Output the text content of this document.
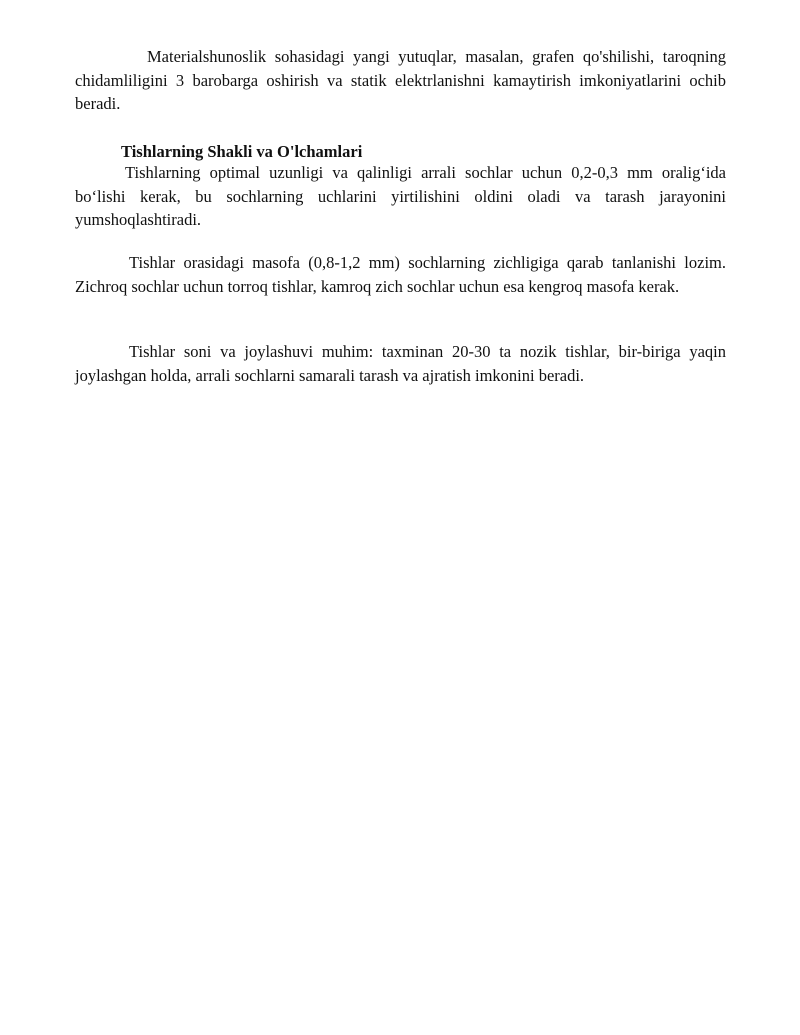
Materialshunoslik sohasidagi yangi yutuqlar, masalan, grafen qo'shilishi, taroqning chidamliligini 3 barobarga oshirish va statik elektrlanishni kamaytirish imkoniyatlarini ochib beradi.

Tishlarning Shakli va O'lchamlari

Tishlarning optimal uzunligi va qalinligi arrali sochlar uchun 0,2-0,3 mm oralig‘ida bo‘lishi kerak, bu sochlarning uchlarini yirtilishini oldini oladi va tarash jarayonini yumshoqlashtiradi.

Tishlar orasidagi masofa (0,8-1,2 mm) sochlarning zichligiga qarab tanlanishi lozim. Zichroq sochlar uchun torroq tishlar, kamroq zich sochlar uchun esa kengroq masofa kerak.

Tishlar soni va joylashuvi muhim: taxminan 20-30 ta nozik tishlar, bir-biriga yaqin joylashgan holda, arrali sochlarni samarali tarash va ajratish imkonini beradi.
